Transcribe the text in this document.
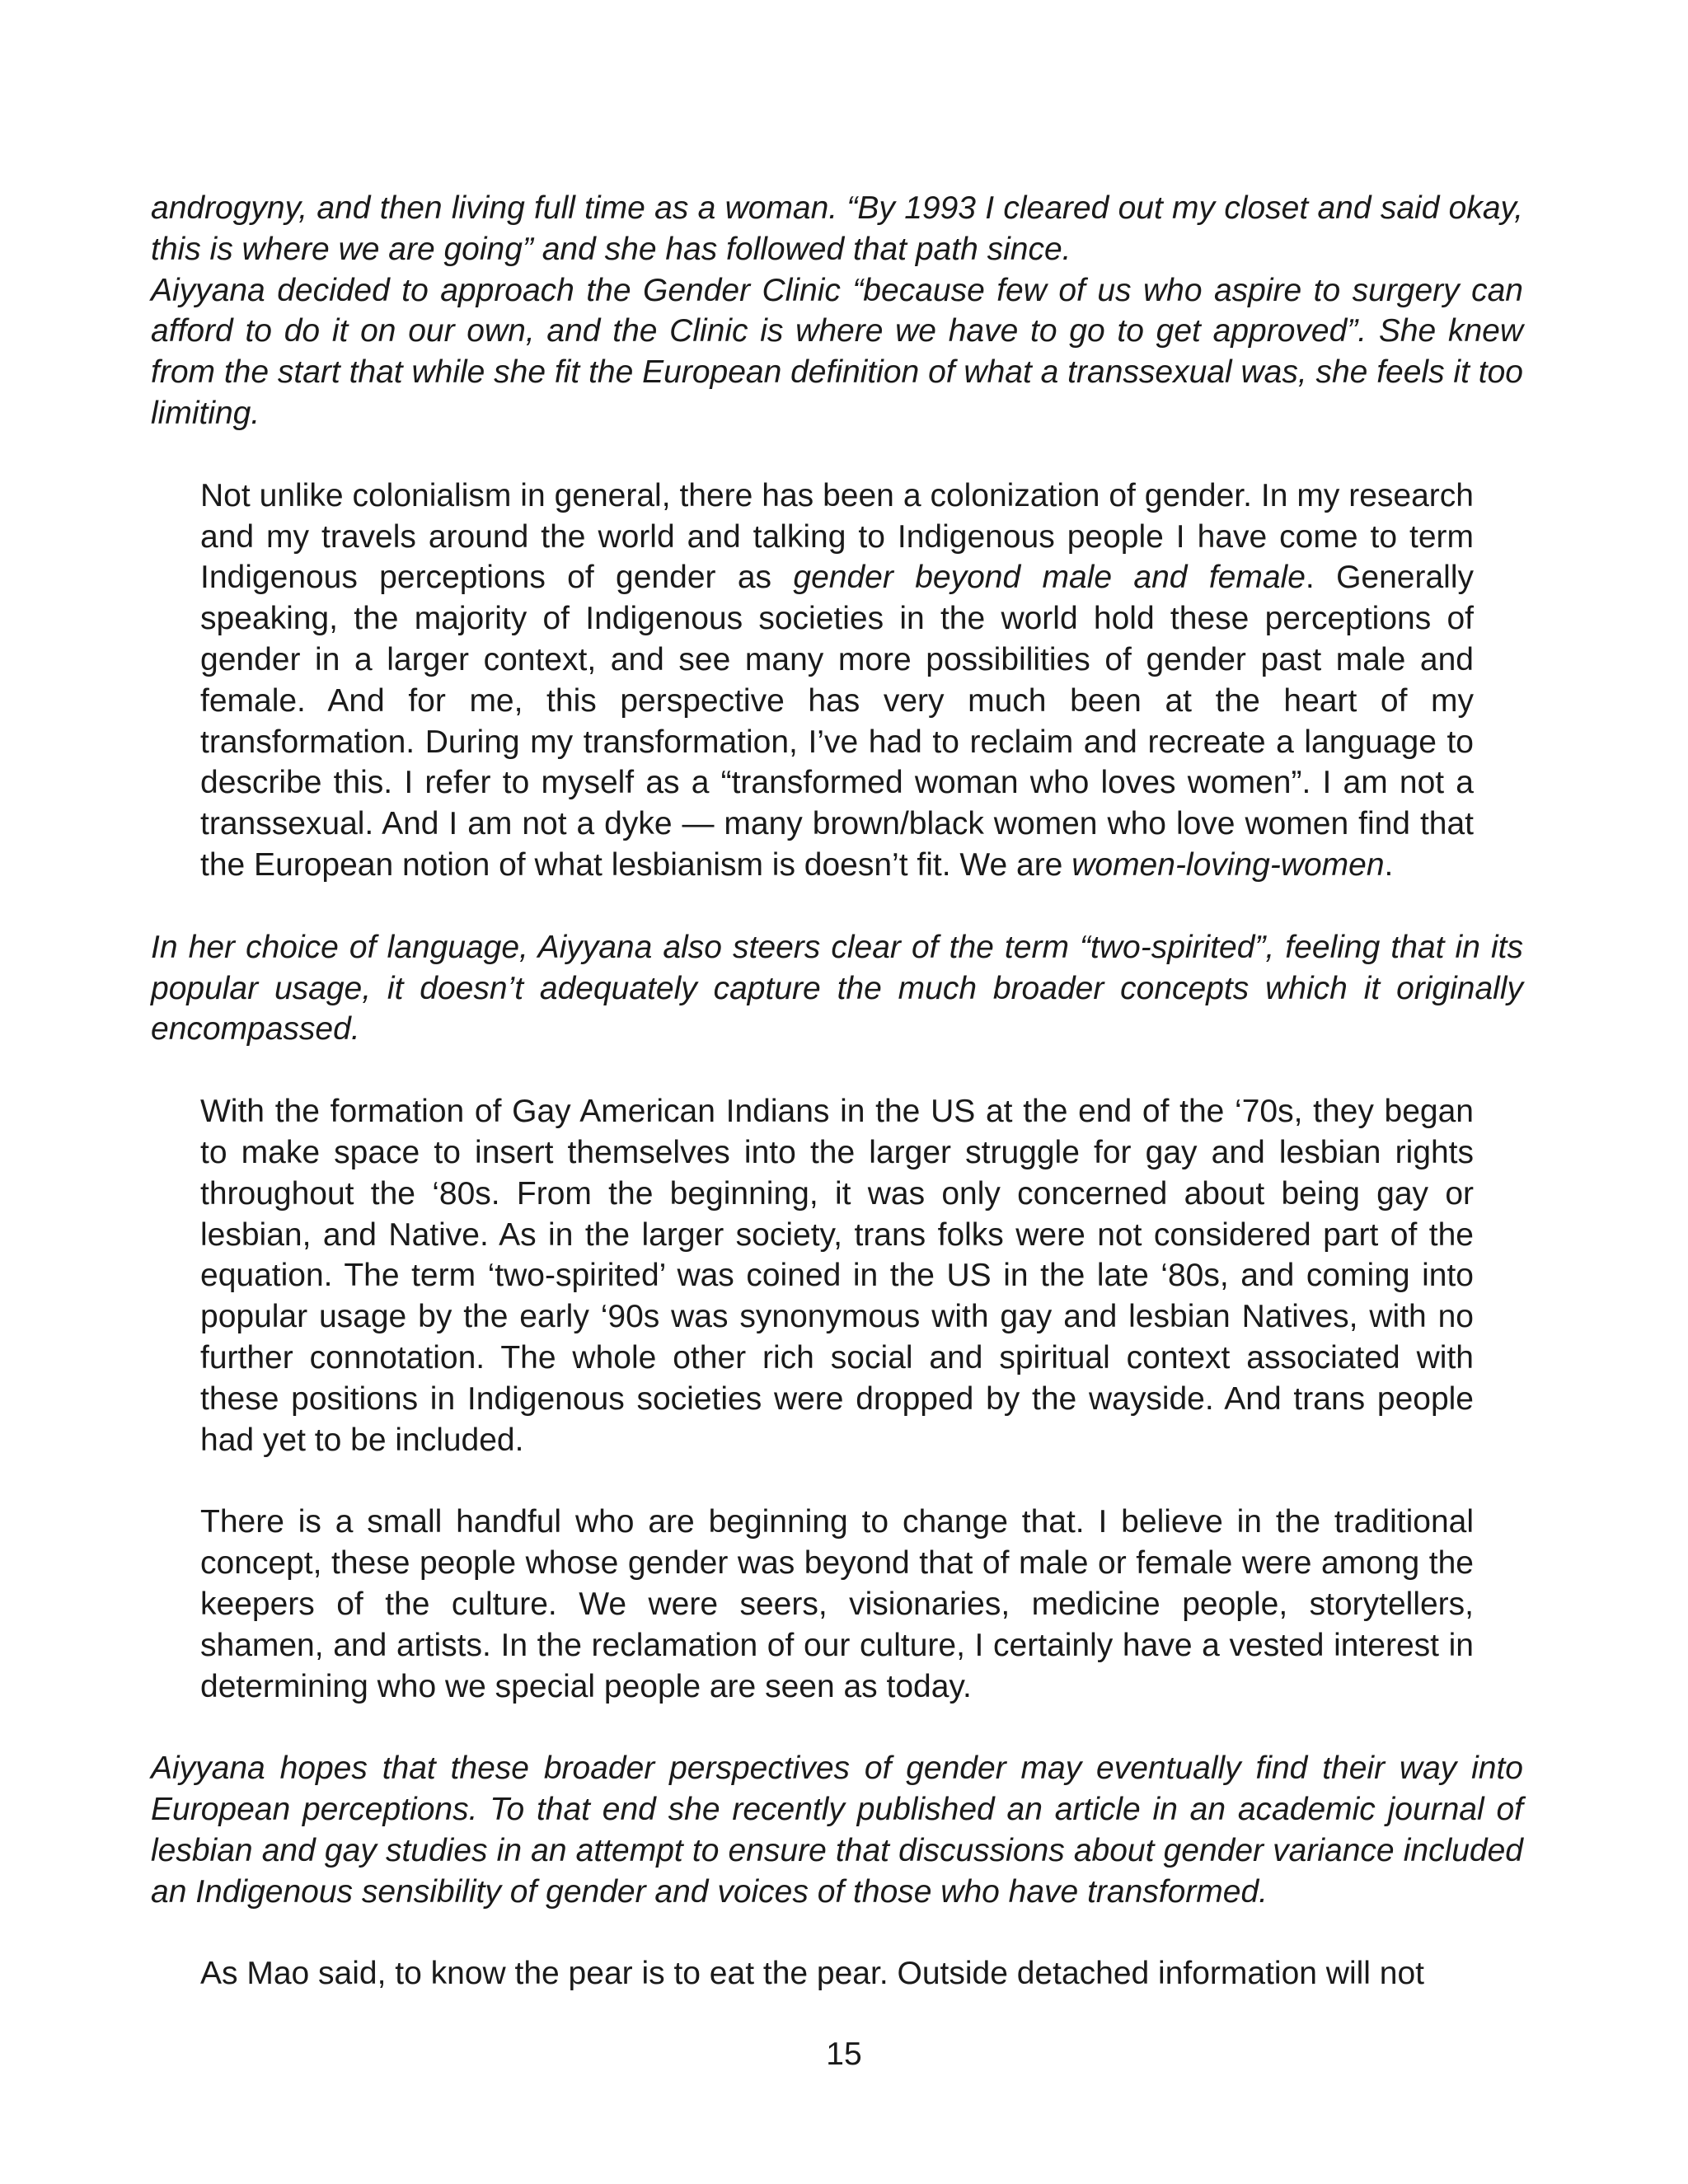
androgyny, and then living full time as a woman. “By 1993 I cleared out my closet and said okay, this is where we are going” and she has followed that path since.

Aiyyana decided to approach the Gender Clinic “because few of us who aspire to surgery can afford to do it on our own, and the Clinic is where we have to go to get approved”. She knew from the start that while she fit the European definition of what a transsexual was, she feels it too limiting.

Not unlike colonialism in general, there has been a colonization of gender. In my research and my travels around the world and talking to Indigenous people I have come to term Indigenous perceptions of gender as gender beyond male and female. Generally speaking, the majority of Indigenous societies in the world hold these perceptions of gender in a larger context, and see many more possibilities of gender past male and female. And for me, this perspective has very much been at the heart of my transformation. During my transformation, I’ve had to reclaim and recreate a language to describe this. I refer to myself as a “transformed woman who loves women”. I am not a transsexual. And I am not a dyke — many brown/black women who love women find that the European notion of what lesbianism is doesn’t fit. We are women-loving-women.

In her choice of language, Aiyyana also steers clear of the term “two-spirited”, feeling that in its popular usage, it doesn’t adequately capture the much broader concepts which it originally encompassed.

With the formation of Gay American Indians in the US at the end of the ‘70s, they began to make space to insert themselves into the larger struggle for gay and lesbian rights throughout the ‘80s. From the beginning, it was only concerned about being gay or lesbian, and Native. As in the larger society, trans folks were not considered part of the equation. The term ‘two-spirited’ was coined in the US in the late ‘80s, and coming into popular usage by the early ‘90s was synonymous with gay and lesbian Natives, with no further connotation. The whole other rich social and spiritual context associated with these positions in Indigenous societies were dropped by the wayside. And trans people had yet to be included.

There is a small handful who are beginning to change that. I believe in the traditional concept, these people whose gender was beyond that of male or female were among the keepers of the culture. We were seers, visionaries, medicine people, storytellers, shamen, and artists. In the reclamation of our culture, I certainly have a vested interest in determining who we special people are seen as today.

Aiyyana hopes that these broader perspectives of gender may eventually find their way into European perceptions. To that end she recently published an article in an academic journal of lesbian and gay studies in an attempt to ensure that discussions about gender variance included an Indigenous sensibility of gender and voices of those who have transformed.

As Mao said, to know the pear is to eat the pear. Outside detached information will not

15
